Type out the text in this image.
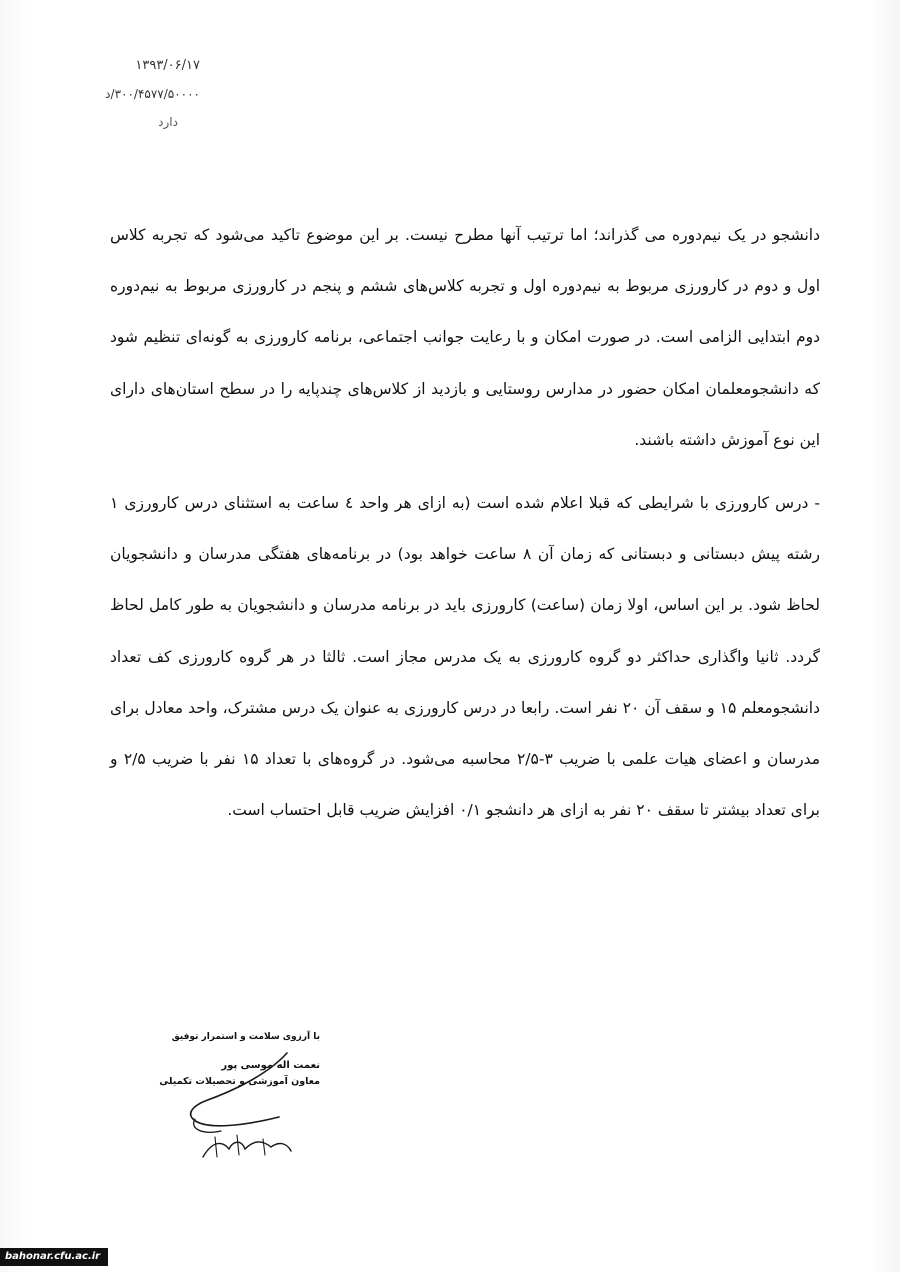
۱۳۹۳/۰۶/۱۷
۳۰۰/۴۵۷۷/۵۰۰۰۰/د
دارد

دانشجو در یک نیم‌دوره می گذراند؛ اما ترتیب آنها مطرح نیست. بر این موضوع تاکید می‌شود که تجربه کلاس اول و دوم در کارورزی مربوط به نیم‌دوره اول و تجربه کلاس‌های ششم و پنجم در کارورزی مربوط به نیم‌دوره دوم ابتدایی الزامی است. در صورت امکان و با رعایت جوانب اجتماعی، برنامه کارورزی به گونه‌ای تنظیم شود که دانشجومعلمان امکان حضور در مدارس روستایی و بازدید از کلاس‌های چندپایه را در سطح استان‌های دارای این نوع آموزش داشته باشند.

- درس کارورزی با شرایطی که قبلا اعلام شده است (به ازای هر واحد ٤ ساعت به استثنای درس کارورزی ۱ رشته پیش دبستانی و دبستانی که زمان آن ۸ ساعت خواهد بود) در برنامه‌های هفتگی مدرسان و دانشجویان لحاظ شود. بر این اساس، اولا زمان (ساعت) کارورزی باید در برنامه مدرسان و دانشجویان به طور کامل لحاظ گردد. ثانیا واگذاری حداکثر دو گروه کارورزی به یک مدرس مجاز است. ثالثا در هر گروه کارورزی کف تعداد دانشجومعلم ۱۵ و سقف آن ۲۰ نفر است. رابعا در درس کارورزی به عنوان یک درس مشترک، واحد معادل برای مدرسان و اعضای هیات علمی با ضریب ۳-۲/۵ محاسبه می‌شود. در گروه‌های با تعداد ۱۵ نفر با ضریب ۲/۵ و برای تعداد بیشتر تا سقف ۲۰ نفر به ازای هر دانشجو ۰/۱ افزایش ضریب قابل احتساب است.

با آرزوی سلامت و استمرار توفیق
نعمت اله موسی پور
معاون آموزشی و تحصیلات تکمیلی
bahonar.cfu.ac.ir
